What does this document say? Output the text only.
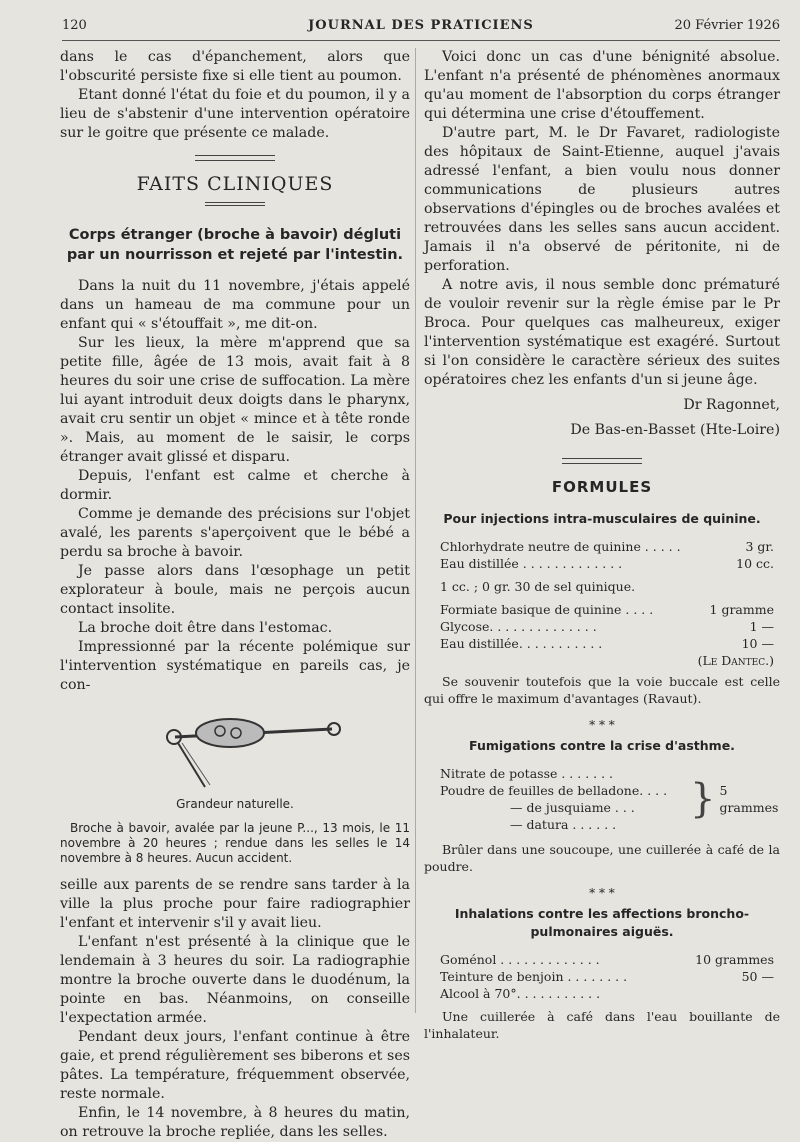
120	JOURNAL DES PRATICIENS	20 Février 1926

dans le cas d'épanchement, alors que l'obscurité persiste fixe si elle tient au poumon.

Etant donné l'état du foie et du poumon, il y a lieu de s'abstenir d'une intervention opératoire sur le goitre que présente ce malade.

FAITS CLINIQUES
Corps étranger (broche à bavoir) dégluti par un nourrisson et rejeté par l'intestin.

Dans la nuit du 11 novembre, j'étais appelé dans un hameau de ma commune pour un enfant qui « s'étouffait », me dit-on.

Sur les lieux, la mère m'apprend que sa petite fille, âgée de 13 mois, avait fait à 8 heures du soir une crise de suffocation. La mère lui ayant introduit deux doigts dans le pharynx, avait cru sentir un objet « mince et à tête ronde ». Mais, au moment de le saisir, le corps étranger avait glissé et disparu.

Depuis, l'enfant est calme et cherche à dormir.

Comme je demande des précisions sur l'objet avalé, les parents s'aperçoivent que le bébé a perdu sa broche à bavoir.

Je passe alors dans l'œsophage un petit explorateur à boule, mais ne perçois aucun contact insolite.

La broche doit être dans l'estomac.

Impressionné par la récente polémique sur l'intervention systématique en pareils cas, je con-

Grandeur naturelle.
Broche à bavoir, avalée par la jeune P..., 13 mois, le 11 novembre à 20 heures ; rendue dans les selles le 14 novembre à 8 heures. Aucun accident.

seille aux parents de se rendre sans tarder à la ville la plus proche pour faire radiographier l'enfant et intervenir s'il y avait lieu.

L'enfant n'est présenté à la clinique que le lendemain à 3 heures du soir. La radiographie montre la broche ouverte dans le duodénum, la pointe en bas. Néanmoins, on conseille l'expectation armée.

Pendant deux jours, l'enfant continue à être gaie, et prend régulièrement ses biberons et ses pâtes. La température, fréquemment observée, reste normale.

Enfin, le 14 novembre, à 8 heures du matin, on retrouve la broche repliée, dans les selles.

Voici donc un cas d'une bénignité absolue. L'enfant n'a présenté de phénomènes anormaux qu'au moment de l'absorption du corps étranger qui détermina une crise d'étouffement.

D'autre part, M. le Dr Favaret, radiologiste des hôpitaux de Saint-Etienne, auquel j'avais adressé l'enfant, a bien voulu nous donner communications de plusieurs autres observations d'épingles ou de broches avalées et retrouvées dans les selles sans aucun accident. Jamais il n'a observé de péritonite, ni de perforation.

A notre avis, il nous semble donc prématuré de vouloir revenir sur la règle émise par le Pr Broca. Pour quelques cas malheureux, exiger l'intervention systématique est exagéré. Surtout si l'on considère le caractère sérieux des suites opératoires chez les enfants d'un si jeune âge.

Dr Ragonnet,
De Bas-en-Basset (Hte-Loire)
FORMULES
Pour injections intra-musculaires de quinine.
Chlorhydrate neutre de quinine . . . . .	3 gr.
Eau distillée . . . . . . . . . . . . .	10 cc.
1 cc. ; 0 gr. 30 de sel quinique.
Formiate basique de quinine . . . .	1 gramme
Glycose. . . . . . . . . . . . . .	1 —
Eau distillée. . . . . . . . . . .	10 —
(Le Dantec.)

Se souvenir toutefois que la voie buccale est celle qui offre le maximum d'avantages (Ravaut).

* * *
Fumigations contre la crise d'asthme.
Nitrate de potasse . . . . . . .
Poudre de feuilles de belladone. . . .
— de jusquiame . . .
— datura . . . . . .
} 5 grammes

Brûler dans une soucoupe, une cuillerée à café de la poudre.

* * *
Inhalations contre les affections broncho-pulmonaires aiguës.
Goménol . . . . . . . . . . . . .	10 grammes
Teinture de benjoin . . . . . . . .	50 —
Alcool à 70°. . . . . . . . . . .

Une cuillerée à café dans l'eau bouillante de l'inhalateur.
